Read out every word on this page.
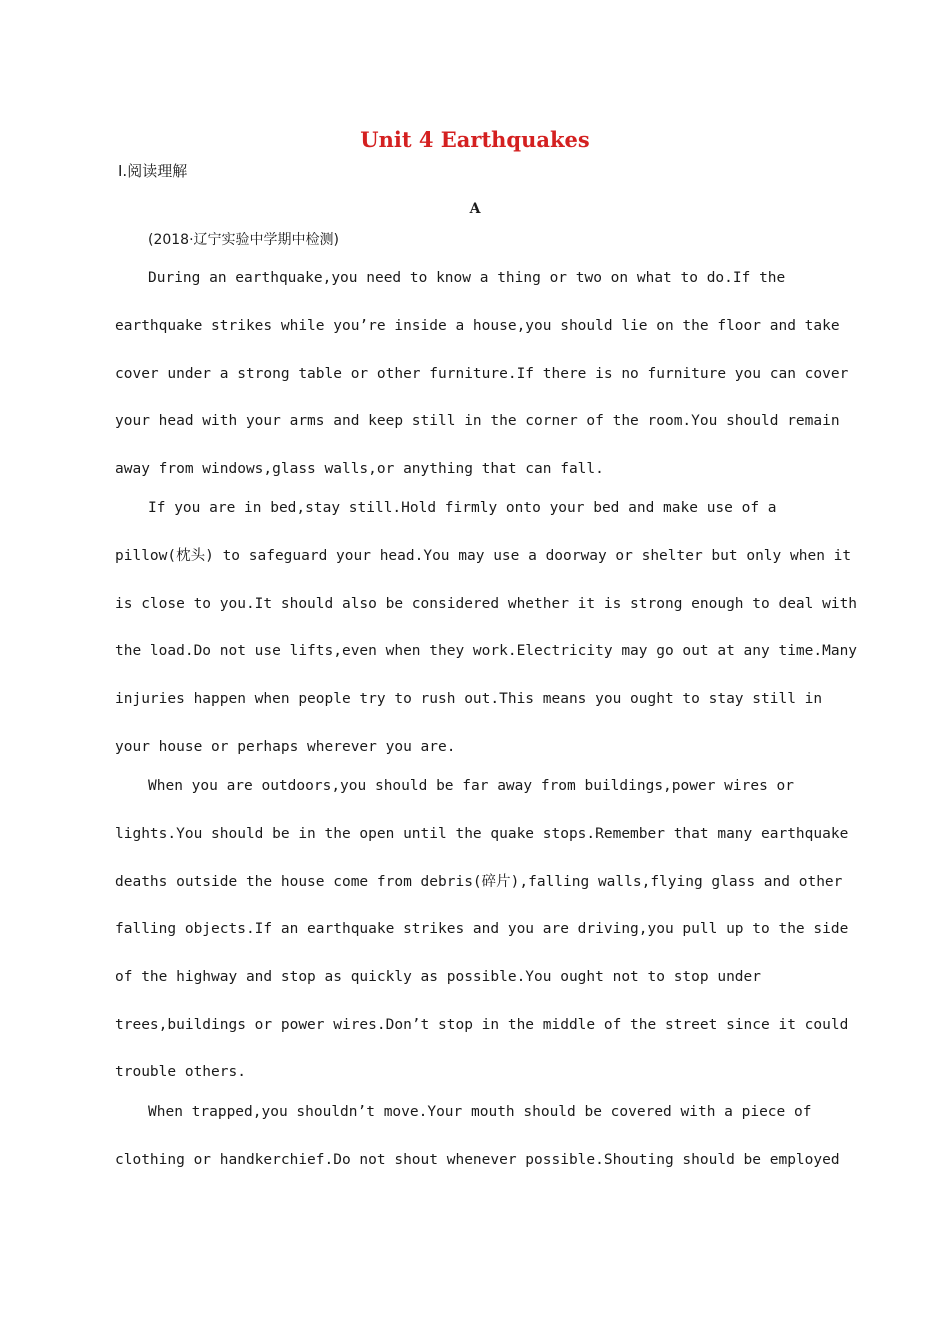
Unit 4 Earthquakes
Ⅰ.阅读理解
A
(2018·辽宁实验中学期中检测)
During an earthquake,you need to know a thing or two on what to do.If the
earthquake strikes while you’re inside a house,you should lie on the floor and take
cover under a strong table or other furniture.If there is no furniture you can cover
your head with your arms and keep still in the corner of the room.You should remain
away from windows,glass walls,or anything that can fall.
If you are in bed,stay still.Hold firmly onto your bed and make use of a
pillow(枕头) to safeguard your head.You may use a doorway or shelter but only when it
is close to you.It should also be considered whether it is strong enough to deal with
the load.Do not use lifts,even when they work.Electricity may go out at any time.Many
injuries happen when people try to rush out.This means you ought to stay still in
your house or perhaps wherever you are.
When you are outdoors,you should be far away from buildings,power wires or
lights.You should be in the open until the quake stops.Remember that many earthquake
deaths outside the house come from debris(碎片),falling walls,flying glass and other
falling objects.If an earthquake strikes and you are driving,you pull up to the side
of the highway and stop as quickly as possible.You ought not to stop under
trees,buildings or power wires.Don’t stop in the middle of the street since it could
trouble others.
When trapped,you shouldn’t move.Your mouth should be covered with a piece of
clothing or handkerchief.Do not shout whenever possible.Shouting should be employed
